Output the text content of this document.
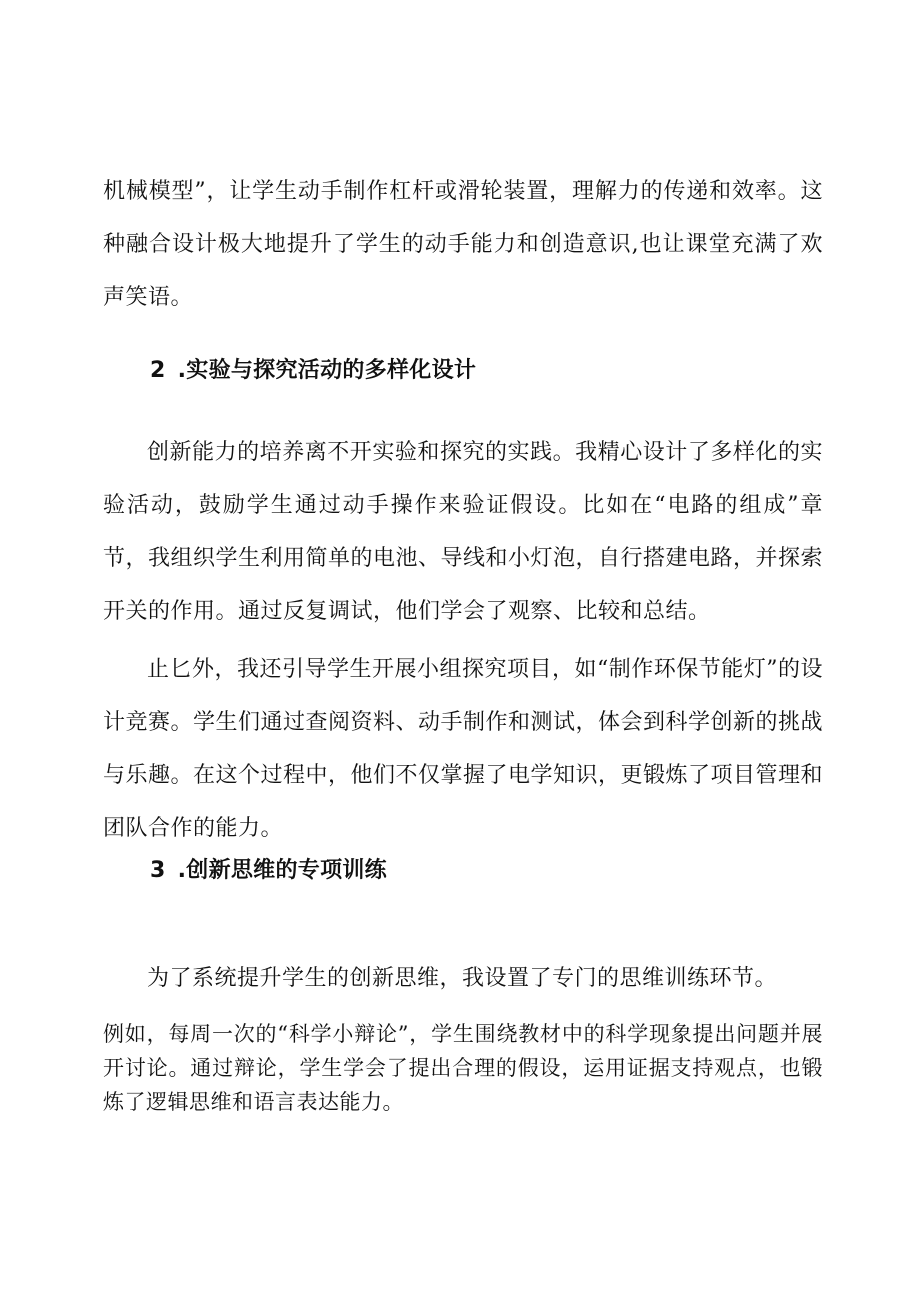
机械模型”，让学生动手制作杠杆或滑轮装置，理解力的传递和效率。这种融合设计极大地提升了学生的动手能力和创造意识,也让课堂充满了欢声笑语。

2 .实验与探究活动的多样化设计

创新能力的培养离不开实验和探究的实践。我精心设计了多样化的实验活动，鼓励学生通过动手操作来验证假设。比如在“电路的组成”章节，我组织学生利用简单的电池、导线和小灯泡，自行搭建电路，并探索开关的作用。通过反复调试，他们学会了观察、比较和总结。

止匕外，我还引导学生开展小组探究项目，如“制作环保节能灯”的设计竞赛。学生们通过查阅资料、动手制作和测试，体会到科学创新的挑战与乐趣。在这个过程中，他们不仅掌握了电学知识，更锻炼了项目管理和团队合作的能力。

3 .创新思维的专项训练

为了系统提升学生的创新思维，我设置了专门的思维训练环节。

例如，每周一次的“科学小辩论”，学生围绕教材中的科学现象提出问题并展开讨论。通过辩论，学生学会了提出合理的假设，运用证据支持观点，也锻炼了逻辑思维和语言表达能力。
